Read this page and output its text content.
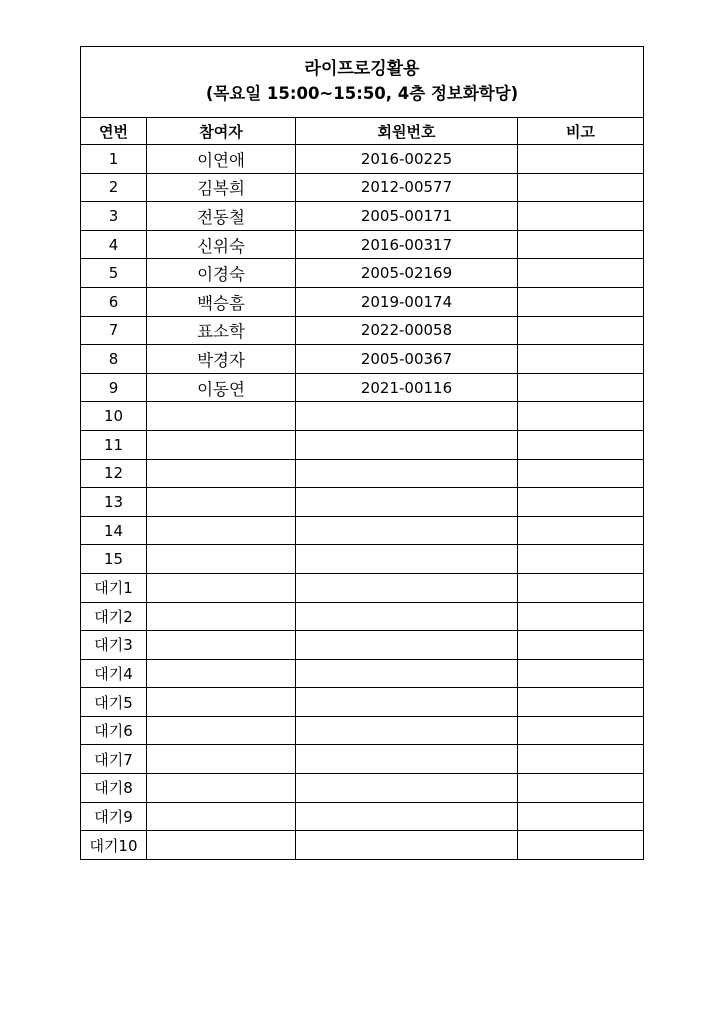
라이프로깅활용
(목요일 15:00~15:50, 4층 정보화학당)			

연번	참여자	회원번호	비고
1	이연애	2016-00225	
2	김복희	2012-00577	
3	전동철	2005-00171	
4	신위숙	2016-00317	
5	이경숙	2005-02169	
6	백승흠	2019-00174	
7	표소학	2022-00058	
8	박경자	2005-00367	
9	이동연	2021-00116	
10			
11			
12			
13			
14			
15			
대기1			
대기2			
대기3			
대기4			
대기5			
대기6			
대기7			
대기8			
대기9			
대기10			
